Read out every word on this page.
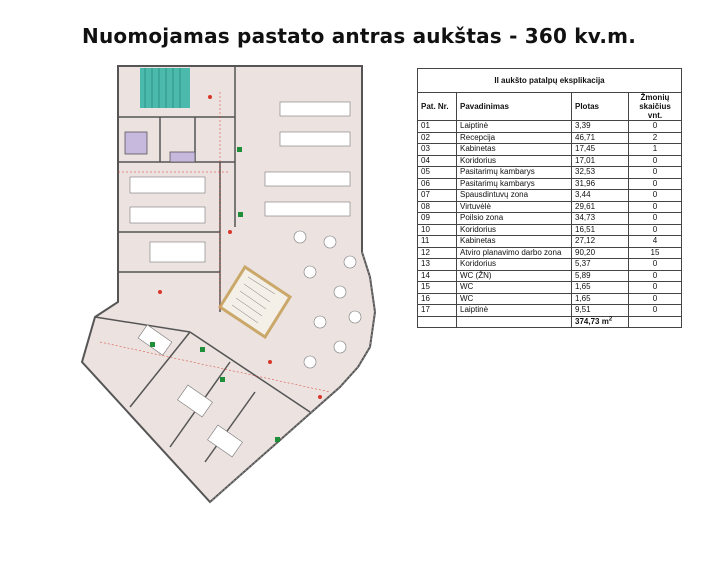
Nuomojamas pastato antras aukštas - 360 kv.m.
II aukšto patalpų eksplikacija			
Pat. Nr.	Pavadinimas	Plotas	Žmonių skaičius vnt.
01	Laiptinė	3,39	0
02	Recepcija	46,71	2
03	Kabinetas	17,45	1
04	Koridorius	17,01	0
05	Pasitarimų kambarys	32,53	0
06	Pasitarimų kambarys	31,96	0
07	Spausdintuvų zona	3,44	0
08	Virtuvėlė	29,61	0
09	Poilsio zona	34,73	0
10	Koridorius	16,51	0
11	Kabinetas	27,12	4
12	Atviro planavimo darbo zona	90,20	15
13	Koridorius	5,37	0
14	WC (ŽN)	5,89	0
15	WC	1,65	0
16	WC	1,65	0
17	Laiptinė	9,51	0
		374,73 $m^2$	
